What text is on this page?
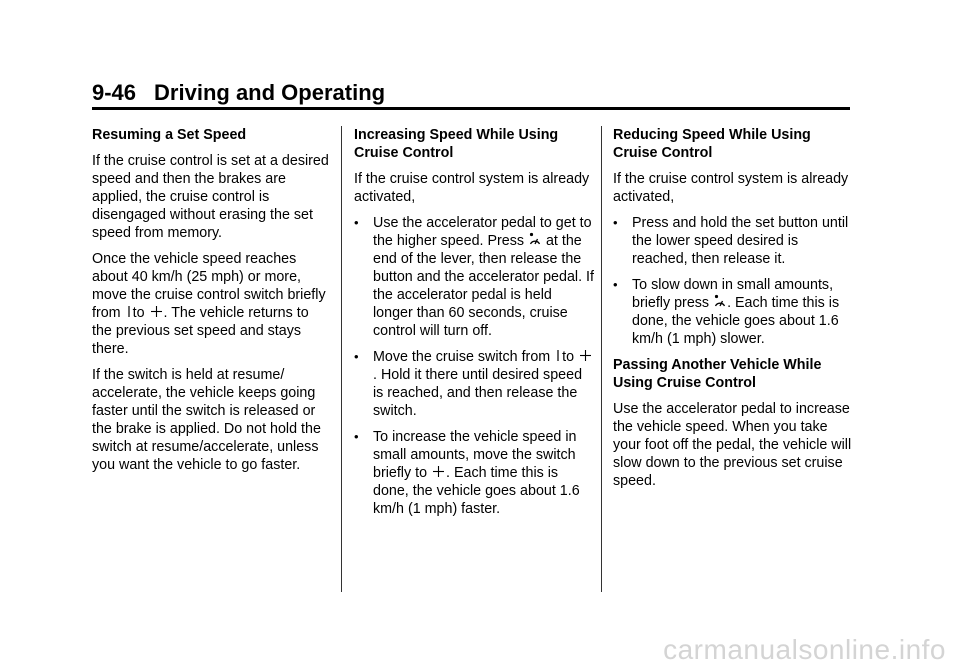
9-46 Driving and Operating
Resuming a Set Speed

If the cruise control is set at a desired speed and then the brakes are applied, the cruise control is disengaged without erasing the set speed from memory.

Once the vehicle speed reaches about 40 km/h (25 mph) or more, move the cruise control switch briefly from to . The vehicle returns to the previous set speed and stays there.

If the switch is held at resume/ accelerate, the vehicle keeps going faster until the switch is released or the brake is applied. Do not hold the switch at resume/accelerate, unless you want the vehicle to go faster.

Increasing Speed While Using Cruise Control

If the cruise control system is already activated,

• Use the accelerator pedal to get to the higher speed. Press at the end of the lever, then release the button and the accelerator pedal. If the accelerator pedal is held longer than 60 seconds, cruise control will turn off.
• Move the cruise switch from to
. Hold it there until desired speed is reached, and then release the switch.
• To increase the vehicle speed in small amounts, move the switch briefly to . Each time this is done, the vehicle goes about 1.6 km/h (1 mph) faster.
Reducing Speed While Using Cruise Control

If the cruise control system is already activated,

• Press and hold the set button until the lower speed desired is reached, then release it.
• To slow down in small amounts, briefly press . Each time this is done, the vehicle goes about 1.6 km/h (1 mph) slower.
Passing Another Vehicle While Using Cruise Control

Use the accelerator pedal to increase the vehicle speed. When you take your foot off the pedal, the vehicle will slow down to the previous set cruise speed.

carmanualsonline.info
